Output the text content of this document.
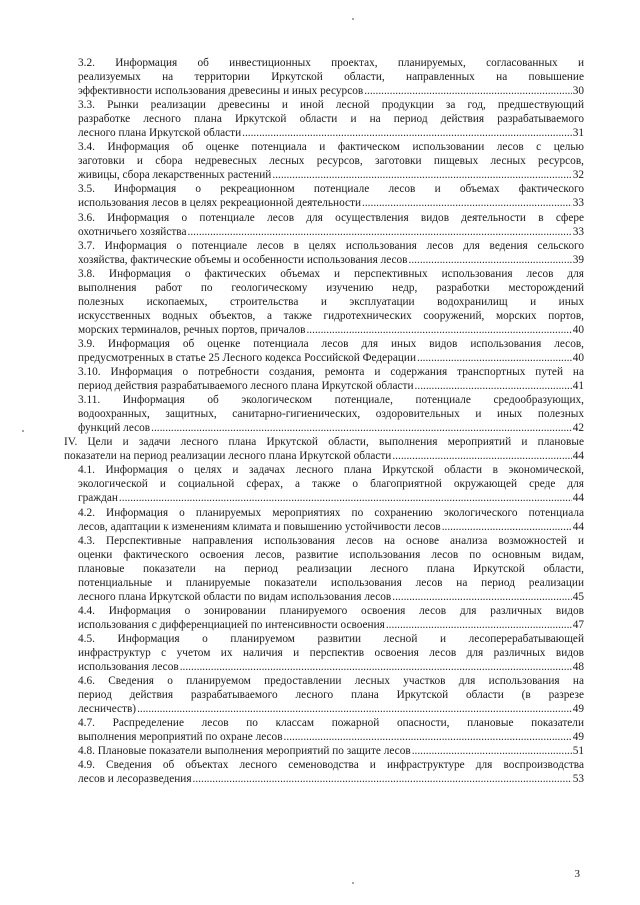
3.2. Информация об инвестиционных проектах, планируемых, согласованных и
реализуемых на территории Иркутской области, направленных на повышение
эффективности использования древесины и иных ресурсов .....	30
3.3. Рынки реализации древесины и иной лесной продукции за год, предшествующий
разработке лесного плана Иркутской области и на период действия разрабатываемого
лесного плана Иркутской области .....	31
3.4. Информация об оценке потенциала и фактическом использовании лесов с целью
заготовки и сбора недревесных лесных ресурсов, заготовки пищевых лесных ресурсов,
живицы, сбора лекарственных растений .....	32
3.5. Информация о рекреационном потенциале лесов и объемах фактического
использования лесов в целях рекреационной деятельности .....	33
3.6. Информация о потенциале лесов для осуществления видов деятельности в сфере
охотничьего хозяйства .....	33
3.7. Информация о потенциале лесов в целях использования лесов для ведения сельского
хозяйства, фактические объемы и особенности использования лесов .....	39
3.8. Информация о фактических объемах и перспективных использования лесов для
выполнения работ по геологическому изучению недр, разработки месторождений
полезных ископаемых, строительства и эксплуатации водохранилищ и иных
искусственных водных объектов, а также гидротехнических сооружений, морских портов,
морских терминалов, речных портов, причалов .....	40
3.9. Информация об оценке потенциала лесов для иных видов использования лесов,
предусмотренных в статье 25 Лесного кодекса Российской Федерации .....	40
3.10. Информация о потребности создания, ремонта и содержания транспортных путей на
период действия разрабатываемого лесного плана Иркутской области .....	41
3.11. Информация об экологическом потенциале, потенциале средообразующих,
водоохранных, защитных, санитарно-гигиенических, оздоровительных и иных полезных
функций лесов .....	42
IV. Цели и задачи лесного плана Иркутской области, выполнения мероприятий и плановые
показатели на период реализации лесного плана Иркутской области .....	44
4.1. Информация о целях и задачах лесного плана Иркутской области в экономической,
экологической и социальной сферах, а также о благоприятной окружающей среде для
граждан .....	44
4.2. Информация о планируемых мероприятиях по сохранению экологического потенциала
лесов, адаптации к изменениям климата и повышению устойчивости лесов .....	44
4.3. Перспективные направления использования лесов на основе анализа возможностей и
оценки фактического освоения лесов, развитие использования лесов по основным видам,
плановые показатели на период реализации лесного плана Иркутской области,
потенциальные и планируемые показатели использования лесов на период реализации
лесного плана Иркутской области по видам использования лесов .....	45
4.4. Информация о зонировании планируемого освоения лесов для различных видов
использования с дифференциацией по интенсивности освоения .....	47
4.5. Информация о планируемом развитии лесной и лесоперерабатывающей
инфраструктур с учетом их наличия и перспектив освоения лесов для различных видов
использования лесов .....	48
4.6. Сведения о планируемом предоставлении лесных участков для использования на
период действия разрабатываемого лесного плана Иркутской области (в разрезе
лесничеств) .....	49
4.7. Распределение лесов по классам пожарной опасности, плановые показатели
выполнения мероприятий по охране лесов .....	49
4.8. Плановые показатели выполнения мероприятий по защите лесов .....	51
4.9. Сведения об объектах лесного семеноводства и инфраструктуре для воспроизводства
лесов и лесоразведения .....	53
3
